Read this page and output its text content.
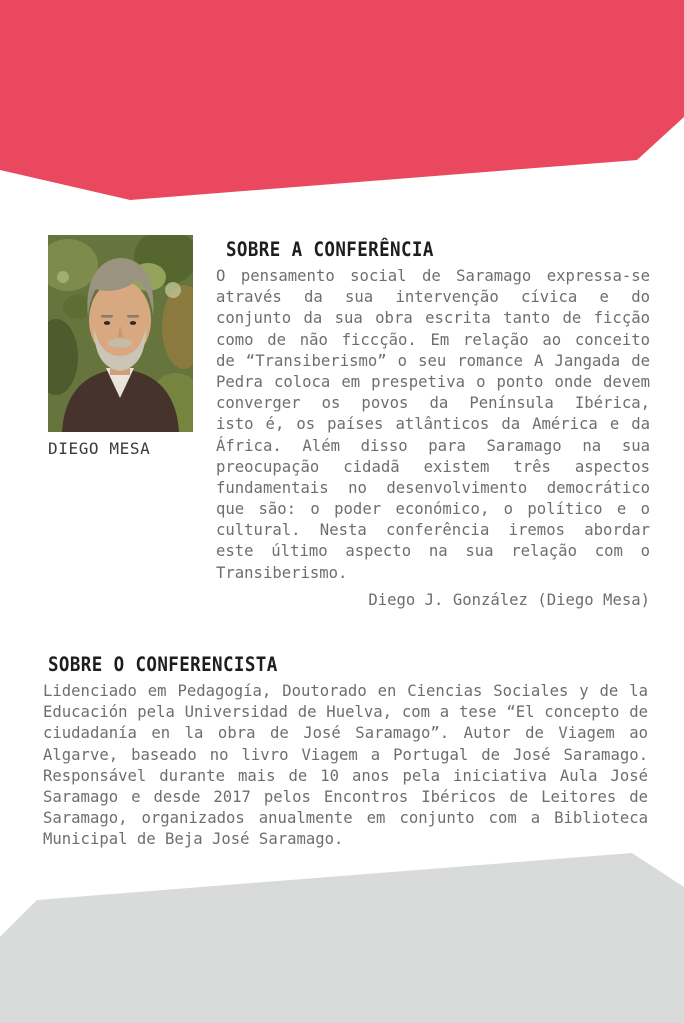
DIEGO MESA
SOBRE A CONFERÊNCIA
O pensamento social de Saramago expressa-se
através da sua intervenção cívica e do
conjunto da sua obra escrita tanto de ficção
como de não ficcção. Em relação ao conceito
de “Transiberismo” o seu romance A Jangada de
Pedra coloca em prespetiva o ponto onde devem
converger os povos da Península Ibérica,
isto é, os países atlânticos da América e da
África. Além disso para Saramago na sua
preocupação cidadã existem três aspectos
fundamentais no desenvolvimento democrático
que são: o poder económico, o político e o
cultural. Nesta conferência iremos abordar
este último aspecto na sua relação com o
Transiberismo.
Diego J. González (Diego Mesa)
SOBRE O CONFERENCISTA
Lidenciado em Pedagogía, Doutorado en Ciencias Sociales y de la
Educación pela Universidad de Huelva, com a tese “El concepto de
ciudadanía en la obra de José Saramago”. Autor de Viagem ao
Algarve, baseado no livro Viagem a Portugal de José Saramago.
Responsável durante mais de 10 anos pela iniciativa Aula José
Saramago e desde 2017 pelos Encontros Ibéricos de Leitores de
Saramago, organizados anualmente em conjunto com a Biblioteca
Municipal de Beja José Saramago.
